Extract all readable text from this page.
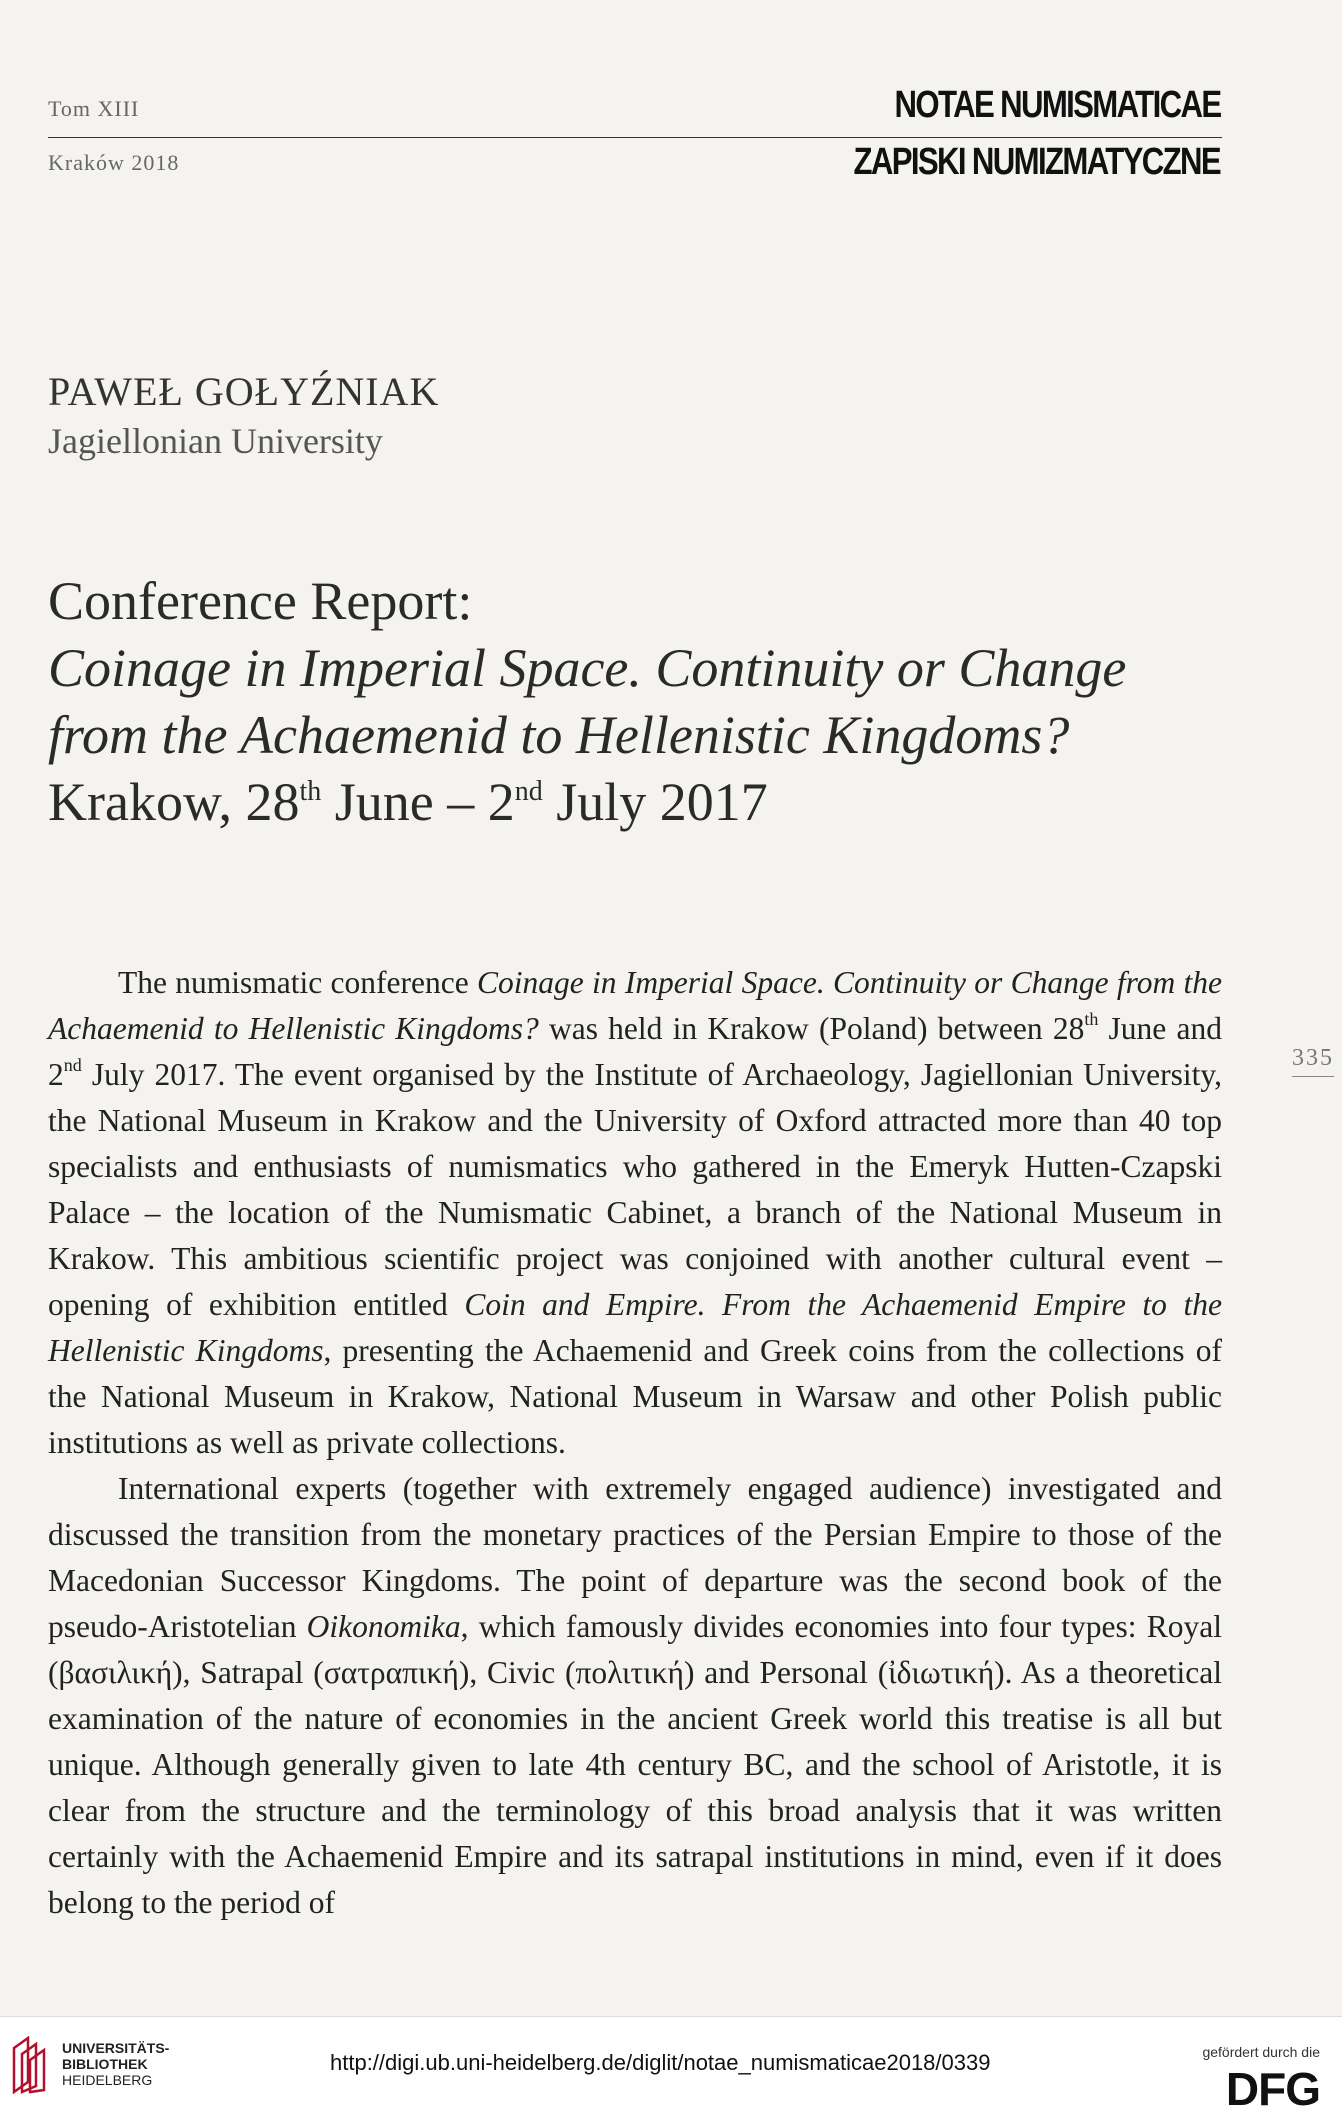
Tom XIII
Kraków 2018
NOTAE NUMISMATICAE
ZAPISKI NUMIZMATYCZNE
PAWEŁ GOŁYŹNIAK
Jagiellonian University
Conference Report:
Coinage in Imperial Space. Continuity or Change
from the Achaemenid to Hellenistic Kingdoms?
Krakow, 28th June – 2nd July 2017
335

The numismatic conference Coinage in Imperial Space. Continuity or Change from the Achaemenid to Hellenistic Kingdoms? was held in Krakow (Poland) between 28th June and 2nd July 2017. The event organised by the Institute of Archaeology, Jagiellonian University, the National Museum in Krakow and the University of Oxford attracted more than 40 top specialists and enthusiasts of numismatics who gathered in the Emeryk Hutten-Czapski Palace – the location of the Numismatic Cabinet, a branch of the National Museum in Krakow. This ambitious scientific project was conjoined with another cultural event – opening of exhibition entitled Coin and Empire. From the Achaemenid Empire to the Hellenistic Kingdoms, presenting the Achaemenid and Greek coins from the collections of the National Museum in Krakow, National Museum in Warsaw and other Polish public institutions as well as private collections.

International experts (together with extremely engaged audience) investigated and discussed the transition from the monetary practices of the Persian Empire to those of the Macedonian Successor Kingdoms. The point of departure was the second book of the pseudo-Aristotelian Oikonomika, which famously divides economies into four types: Royal (βασιλική), Satrapal (σατραπική), Civic (πολιτική) and Personal (ἰδιωτική). As a theoretical examination of the nature of economies in the ancient Greek world this treatise is all but unique. Although generally given to late 4th century BC, and the school of Aristotle, it is clear from the structure and the terminology of this broad analysis that it was written certainly with the Achaemenid Empire and its satrapal institutions in mind, even if it does belong to the period of

UNIVERSITÄTS-
BIBLIOTHEK
HEIDELBERG
http://digi.ub.uni-heidelberg.de/diglit/notae_numismaticae2018/0339	gefördert durch die
DFG
